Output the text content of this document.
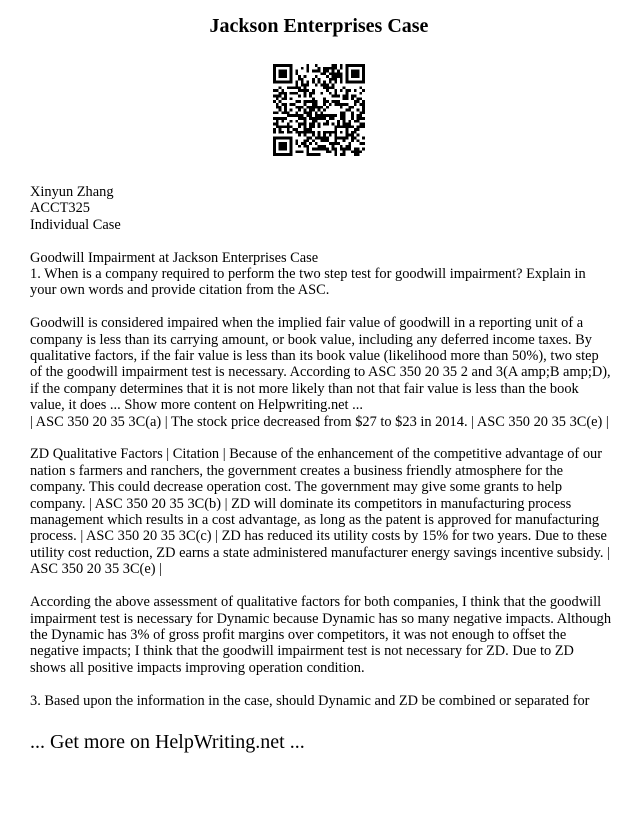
Jackson Enterprises Case

Xinyun Zhang

ACCT325

Individual Case

Goodwill Impairment at Jackson Enterprises Case

1. When is a company required to perform the two step test for goodwill impairment? Explain in your own words and provide citation from the ASC.

Goodwill is considered impaired when the implied fair value of goodwill in a reporting unit of a company is less than its carrying amount, or book value, including any deferred income taxes. By qualitative factors, if the fair value is less than its book value (likelihood more than 50%), two step of the goodwill impairment test is necessary. According to ASC 350 20 35 2 and 3(A amp;B amp;D), if the company determines that it is not more likely than not that fair value is less than the book value, it does ... Show more content on Helpwriting.net ...

| ASC 350 20 35 3C(a) | The stock price decreased from $27 to $23 in 2014. | ASC 350 20 35 3C(e) |

ZD Qualitative Factors | Citation | Because of the enhancement of the competitive advantage of our nation s farmers and ranchers, the government creates a business friendly atmosphere for the company. This could decrease operation cost. The government may give some grants to help company. | ASC 350 20 35 3C(b) | ZD will dominate its competitors in manufacturing process management which results in a cost advantage, as long as the patent is approved for manufacturing process. | ASC 350 20 35 3C(c) | ZD has reduced its utility costs by 15% for two years. Due to these utility cost reduction, ZD earns a state administered manufacturer energy savings incentive subsidy. | ASC 350 20 35 3C(e) |

According the above assessment of qualitative factors for both companies, I think that the goodwill impairment test is necessary for Dynamic because Dynamic has so many negative impacts. Although the Dynamic has 3% of gross profit margins over competitors, it was not enough to offset the negative impacts; I think that the goodwill impairment test is not necessary for ZD. Due to ZD shows all positive impacts improving operation condition.

3. Based upon the information in the case, should Dynamic and ZD be combined or separated for

... Get more on HelpWriting.net ...
